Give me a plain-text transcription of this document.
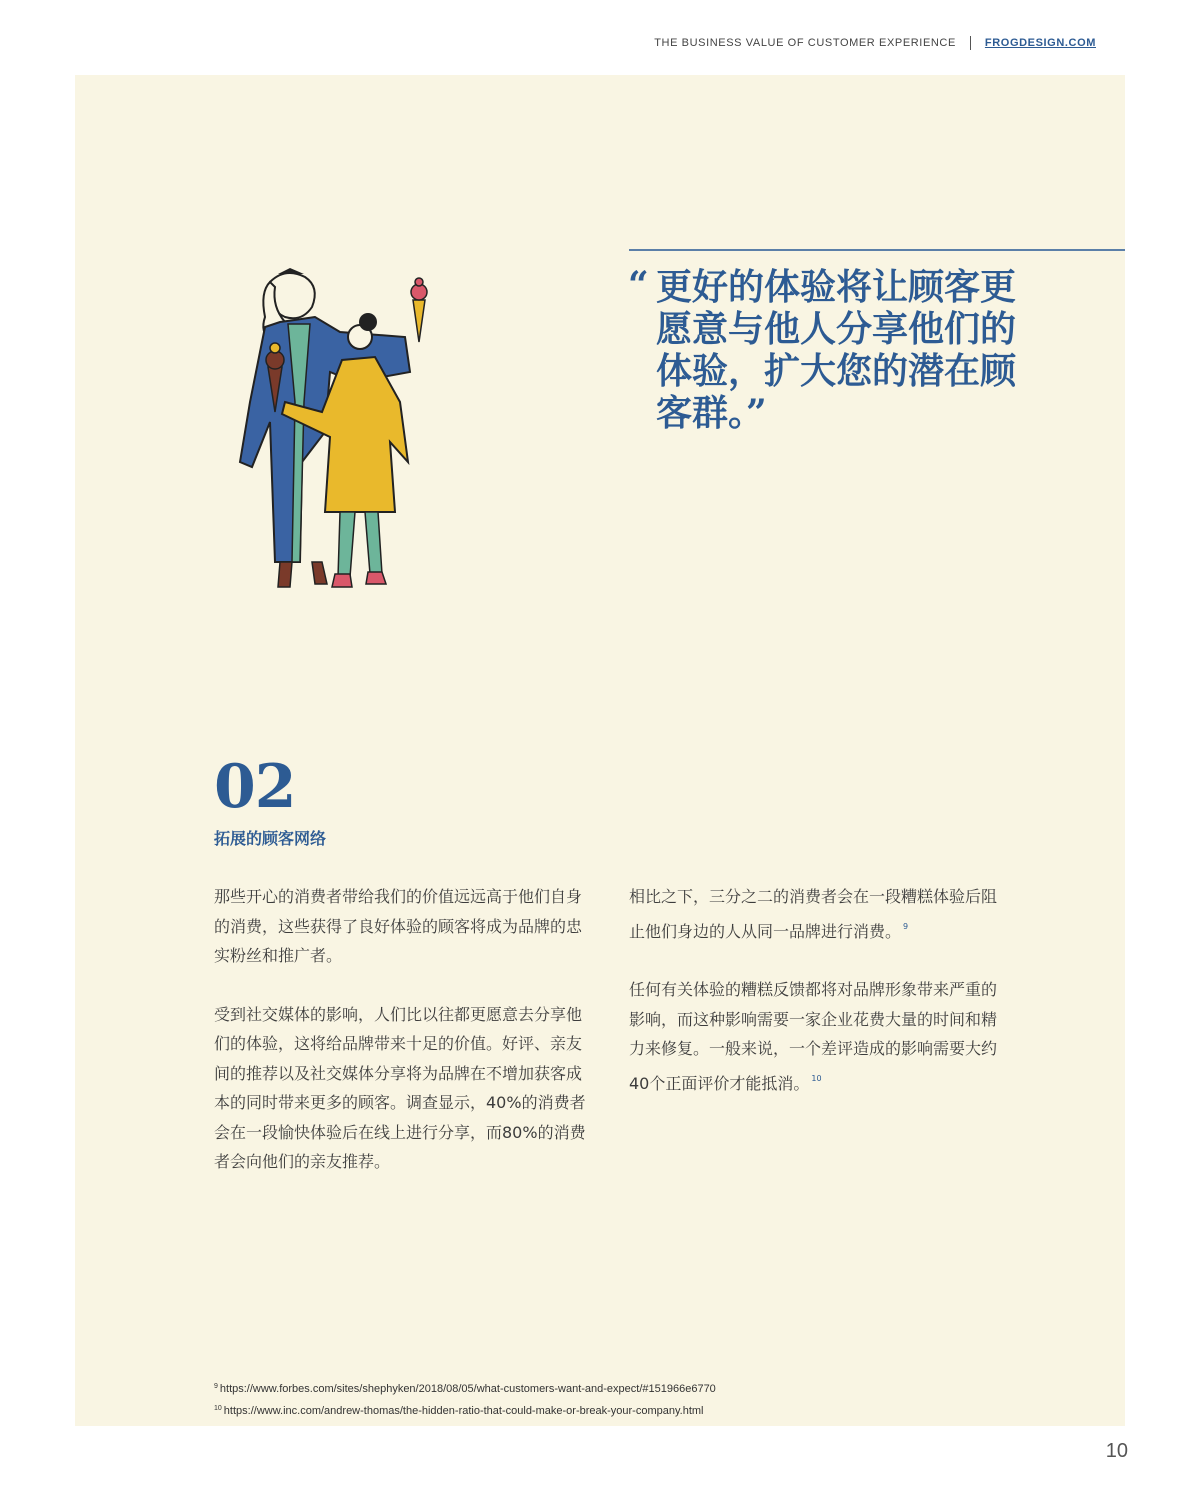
THE BUSINESS VALUE OF CUSTOMER EXPERIENCE	FROGDESIGN.COM
“ 更好的体验将让顾客更愿意与他人分享他们的体验，扩大您的潜在顾客群。”
02
拓展的顾客网络

那些开心的消费者带给我们的价值远远高于他们自身的消费，这些获得了良好体验的顾客将成为品牌的忠实粉丝和推广者。

受到社交媒体的影响，人们比以往都更愿意去分享他们的体验，这将给品牌带来十足的价值。好评、亲友间的推荐以及社交媒体分享将为品牌在不增加获客成本的同时带来更多的顾客。调查显示，40%的消费者会在一段愉快体验后在线上进行分享，而80%的消费者会向他们的亲友推荐。

相比之下，三分之二的消费者会在一段糟糕体验后阻止他们身边的人从同一品牌进行消费。 $^9$

任何有关体验的糟糕反馈都将对品牌形象带来严重的影响，而这种影响需要一家企业花费大量的时间和精力来修复。一般来说，一个差评造成的影响需要大约40个正面评价才能抵消。 $^{10}$

$^9$ https://www.forbes.com/sites/shephyken/2018/08/05/what-customers-want-and-expect/#151966e6770
$^{10}$ https://www.inc.com/andrew-thomas/the-hidden-ratio-that-could-make-or-break-your-company.html
10
